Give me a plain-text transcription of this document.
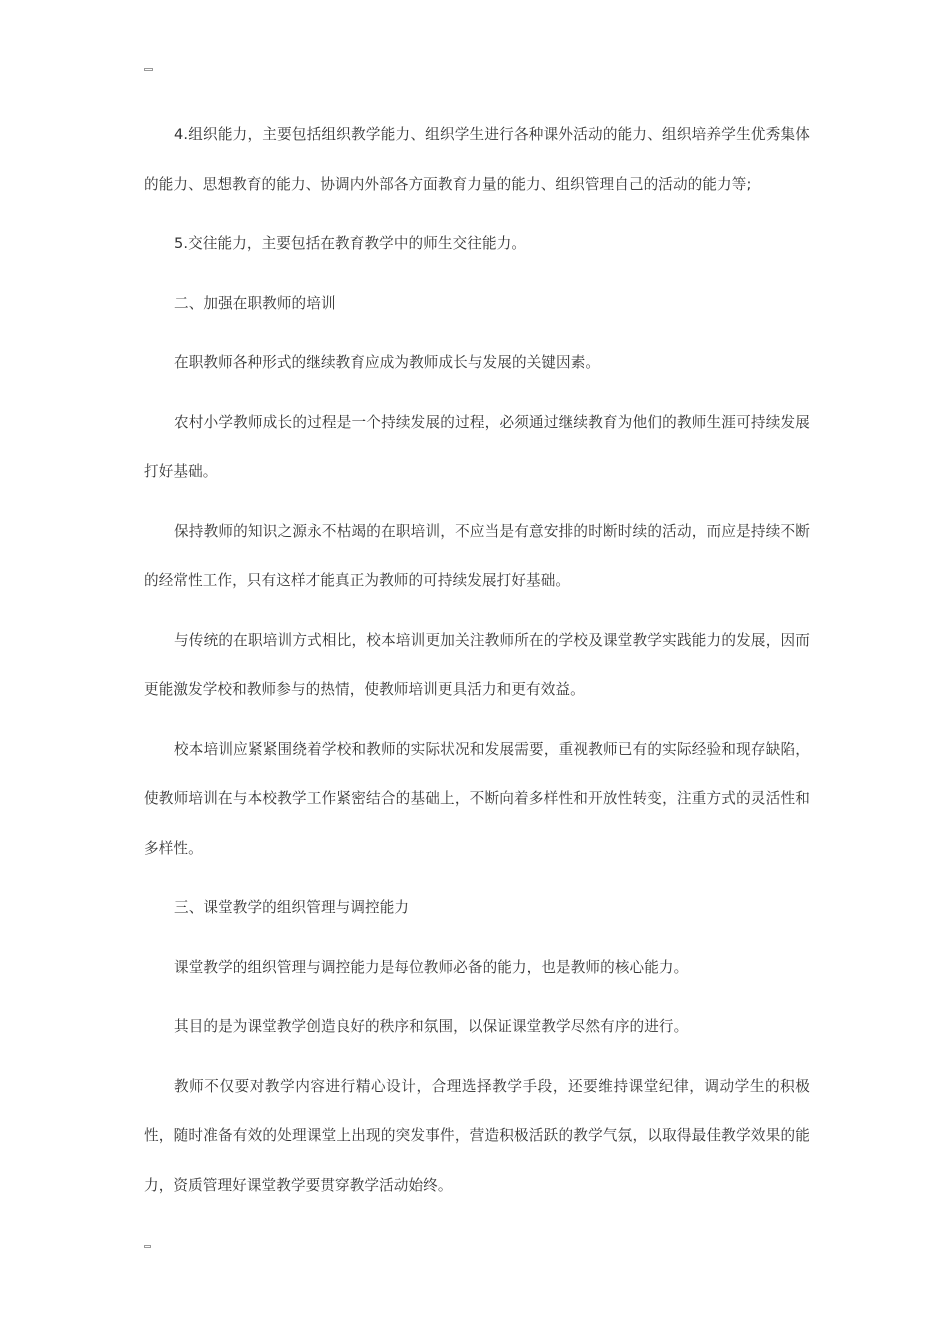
4.组织能力，主要包括组织教学能力、组织学生进行各种课外活动的能力、组织培养学生优秀集体的能力、思想教育的能力、协调内外部各方面教育力量的能力、组织管理自己的活动的能力等;

5.交往能力，主要包括在教育教学中的师生交往能力。

二、加强在职教师的培训

在职教师各种形式的继续教育应成为教师成长与发展的关键因素。

农村小学教师成长的过程是一个持续发展的过程，必须通过继续教育为他们的教师生涯可持续发展打好基础。

保持教师的知识之源永不枯竭的在职培训，不应当是有意安排的时断时续的活动，而应是持续不断的经常性工作，只有这样才能真正为教师的可持续发展打好基础。

与传统的在职培训方式相比，校本培训更加关注教师所在的学校及课堂教学实践能力的发展，因而更能激发学校和教师参与的热情，使教师培训更具活力和更有效益。

校本培训应紧紧围绕着学校和教师的实际状况和发展需要，重视教师已有的实际经验和现存缺陷，使教师培训在与本校教学工作紧密结合的基础上，不断向着多样性和开放性转变，注重方式的灵活性和多样性。

三、课堂教学的组织管理与调控能力

课堂教学的组织管理与调控能力是每位教师必备的能力，也是教师的核心能力。

其目的是为课堂教学创造良好的秩序和氛围，以保证课堂教学尽然有序的进行。

教师不仅要对教学内容进行精心设计，合理选择教学手段，还要维持课堂纪律，调动学生的积极性，随时准备有效的处理课堂上出现的突发事件，营造积极活跃的教学气氛，以取得最佳教学效果的能力，资质管理好课堂教学要贯穿教学活动始终。
